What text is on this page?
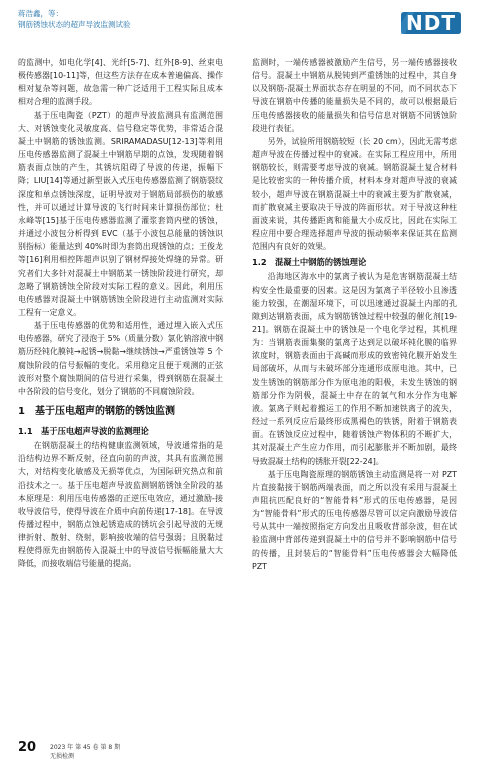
蒋浩鑫，等：
钢筋锈蚀状态的超声导波监测试验	NDT

的监测中，如电化学[4]、光纤[5-7]、红外[8-9]、丝束电极传感器[10-11]等，但这些方法存在成本普遍偏高、操作相对复杂等问题，故急需一种广泛适用于工程实际且成本相对合理的监测手段。

基于压电陶瓷（PZT）的超声导波监测具有监测范围大、对锈蚀变化灵敏度高、信号稳定等优势，非常适合混凝土中钢筋的锈蚀监测。SRIRAMADASU[12-13]等利用压电传感器监测了混凝土中钢筋早期的点蚀，发现随着钢筋表面点蚀的产生，其锈坑阻碍了导波的传递，振幅下降；LIU[14]等通过新型嵌入式压电传感器监测了钢筋裂纹深度和单点锈蚀深度，证明导波对于钢筋局部损伤的敏感性，并可以通过计算导波的飞行时间来计算损伤部位；杜永峰等[15]基于压电传感器监测了灌浆套筒内壁的锈蚀，并通过小波包分析得到 EVC（基于小波包总能量的锈蚀识别指标）能量达到 40%时即为套筒出现锈蚀的点；王俊龙等[16]利用相控阵超声识别了钢材焊接处焊缝的异常。研究者们大多针对混凝土中钢筋某一锈蚀阶段进行研究，却忽略了钢筋锈蚀全阶段对实际工程的意义。因此，利用压电传感器对混凝土中钢筋锈蚀全阶段进行主动监测对实际工程有一定意义。

基于压电传感器的优势和适用性，通过埋入嵌入式压电传感器，研究了浸泡于 5%（质量分数）氯化钠溶液中钢筋历经钝化膜钝→起锈→脱黏→继续锈蚀→严重锈蚀等 5 个腐蚀阶段的信号振幅的变化。采用稳定且便于观测的正弦波形对整个腐蚀期间的信号进行采集，得到钢筋在混凝土中各阶段的信号变化，划分了钢筋的不同腐蚀阶段。

1　基于压电超声的钢筋的锈蚀监测
1.1　基于压电超声导波的监测理论

在钢筋混凝土的结构健康监测领域，导波通常指的是沿结构边界不断反射，径直向前的声波，其具有监测范围大，对结构变化敏感及无损等优点，为国际研究热点和前沿技术之一。基于压电超声导波监测钢筋锈蚀全阶段的基本原理是：利用压电传感器的正逆压电效应，通过激励-接收导波信号，使得导波在介质中向前传递[17-18]。在导波传播过程中，钢筋点蚀起锈造成的锈坑会引起导波的无规律折射、散射、绕射，影响接收端的信号强弱；且脱黏过程使得原先由钢筋传入混凝土中的导波信号振幅能量大大降低，而接收端信号能量的提高。

监测时，一端传感器被激励产生信号，另一端传感器接收信号。混凝土中钢筋从脱钝到严重锈蚀的过程中，其自身以及钢筋-混凝土界面状态存在明显的不同，而不同状态下导波在钢筋中传播的能量损失是不同的，故可以根据最后压电传感器接收的能量损失和信号信息对钢筋不同锈蚀阶段进行表征。

另外，试验所用钢筋较短（长 20 cm），因此无需考虑超声导波在传播过程中的衰减。在实际工程应用中，所用钢筋较长，则需要考虑导波的衰减。钢筋混凝土复合材料是比较密实的一种传播介质，材料本身对超声导波的衰减较小，超声导波在钢筋混凝土中的衰减主要为扩散衰减，而扩散衰减主要取决于导波的阵面形状。对于导波这种柱面波来说，其传播距离和能量大小成反比，因此在实际工程应用中要合理选择超声导波的振动频率来保证其在监测范围内有良好的效果。

1.2　混凝土中钢筋的锈蚀理论

沿海地区海水中的氯离子被认为是危害钢筋混凝土结构安全性最重要的因素。这是因为氯离子半径较小且渗透能力较强，在潮湿环境下，可以迅速通过混凝土内部的孔隙到达钢筋表面，成为钢筋锈蚀过程中较强的催化剂[19-21]。钢筋在混凝土中的锈蚀是一个电化学过程，其机理为：当钢筋表面集聚的氯离子达到足以破坏钝化膜的临界浓度时，钢筋表面由于高碱而形成的致密钝化膜开始发生局部破坏，从而与未破坏部分连通形成原电池。其中，已发生锈蚀的钢筋部分作为原电池的阳极，未发生锈蚀的钢筋部分作为阴极，混凝土中存在的氧气和水分作为电解液。氯离子则起着搬运工的作用不断加速铁离子的流失，经过一系列反应后最终形成黑褐色的铁锈，附着于钢筋表面。在锈蚀反应过程中，随着锈蚀产物体积的不断扩大，其对混凝土产生应力作用，而引起膨胀并不断加剧，最终导致混凝土结构的锈胀开裂[22-24]。

基于压电陶瓷原理的钢筋锈蚀主动监测是将一对 PZT 片直接黏接于钢筋两端表面，而之所以没有采用与混凝土声阻抗匹配良好的“智能骨料”形式的压电传感器，是因为“智能骨料”形式的压电传感器尽管可以定向激励导波信号从其中一端按照指定方向发出且吸收背部杂波，但在试验监测中背部传递到混凝土中的信号并不影响钢筋中信号的传播，且封装后的“智能骨料”压电传感器会大幅降低 PZT

20 2023 年 第 45 卷 第 8 期
无损检测
